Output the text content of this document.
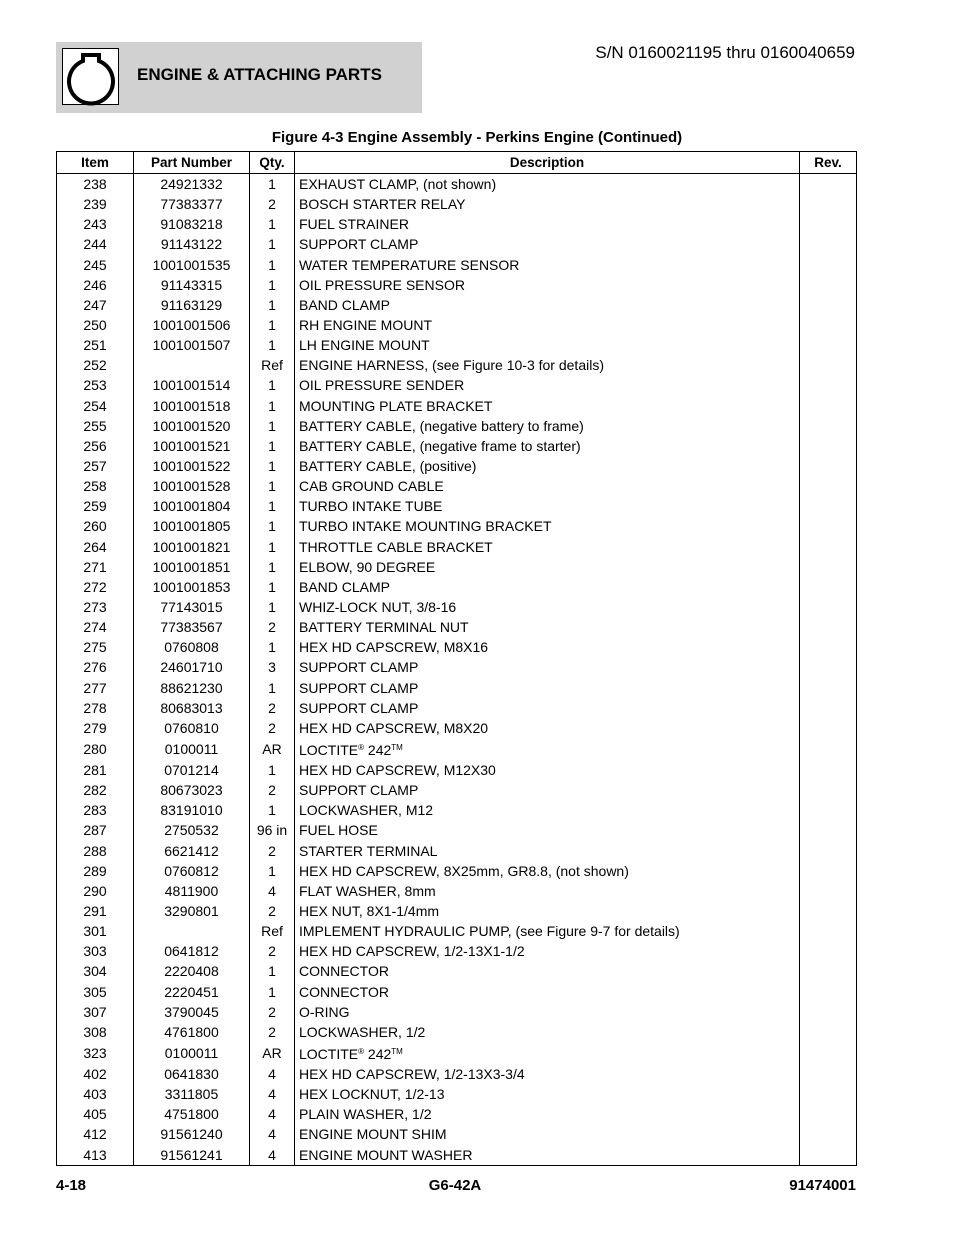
ENGINE & ATTACHING PARTS
S/N 0160021195 thru 0160040659
Figure 4-3 Engine Assembly - Perkins Engine (Continued)
Item	Part Number	Qty.	Description	Rev.
238	24921332	1	EXHAUST CLAMP, (not shown)	
239	77383377	2	BOSCH STARTER RELAY	
243	91083218	1	FUEL STRAINER	
244	91143122	1	SUPPORT CLAMP	
245	1001001535	1	WATER TEMPERATURE SENSOR	
246	91143315	1	OIL PRESSURE SENSOR	
247	91163129	1	BAND CLAMP	
250	1001001506	1	RH ENGINE MOUNT	
251	1001001507	1	LH ENGINE MOUNT	
252		Ref	ENGINE HARNESS, (see Figure 10-3 for details)	
253	1001001514	1	OIL PRESSURE SENDER	
254	1001001518	1	MOUNTING PLATE BRACKET	
255	1001001520	1	BATTERY CABLE, (negative battery to frame)	
256	1001001521	1	BATTERY CABLE, (negative frame to starter)	
257	1001001522	1	BATTERY CABLE, (positive)	
258	1001001528	1	CAB GROUND CABLE	
259	1001001804	1	TURBO INTAKE TUBE	
260	1001001805	1	TURBO INTAKE MOUNTING BRACKET	
264	1001001821	1	THROTTLE CABLE BRACKET	
271	1001001851	1	ELBOW, 90 DEGREE	
272	1001001853	1	BAND CLAMP	
273	77143015	1	WHIZ-LOCK NUT, 3/8-16	
274	77383567	2	BATTERY TERMINAL NUT	
275	0760808	1	HEX HD CAPSCREW, M8X16	
276	24601710	3	SUPPORT CLAMP	
277	88621230	1	SUPPORT CLAMP	
278	80683013	2	SUPPORT CLAMP	
279	0760810	2	HEX HD CAPSCREW, M8X20	
280	0100011	AR	LOCTITE® 242™	
281	0701214	1	HEX HD CAPSCREW, M12X30	
282	80673023	2	SUPPORT CLAMP	
283	83191010	1	LOCKWASHER, M12	
287	2750532	96 in	FUEL HOSE	
288	6621412	2	STARTER TERMINAL	
289	0760812	1	HEX HD CAPSCREW, 8X25mm, GR8.8, (not shown)	
290	4811900	4	FLAT WASHER, 8mm	
291	3290801	2	HEX NUT, 8X1-1/4mm	
301		Ref	IMPLEMENT HYDRAULIC PUMP, (see Figure 9-7 for details)	
303	0641812	2	HEX HD CAPSCREW, 1/2-13X1-1/2	
304	2220408	1	CONNECTOR	
305	2220451	1	CONNECTOR	
307	3790045	2	O-RING	
308	4761800	2	LOCKWASHER, 1/2	
323	0100011	AR	LOCTITE® 242™	
402	0641830	4	HEX HD CAPSCREW, 1/2-13X3-3/4	
403	3311805	4	HEX LOCKNUT, 1/2-13	
405	4751800	4	PLAIN WASHER, 1/2	
412	91561240	4	ENGINE MOUNT SHIM	
413	91561241	4	ENGINE MOUNT WASHER	
4-18	G6-42A	91474001
